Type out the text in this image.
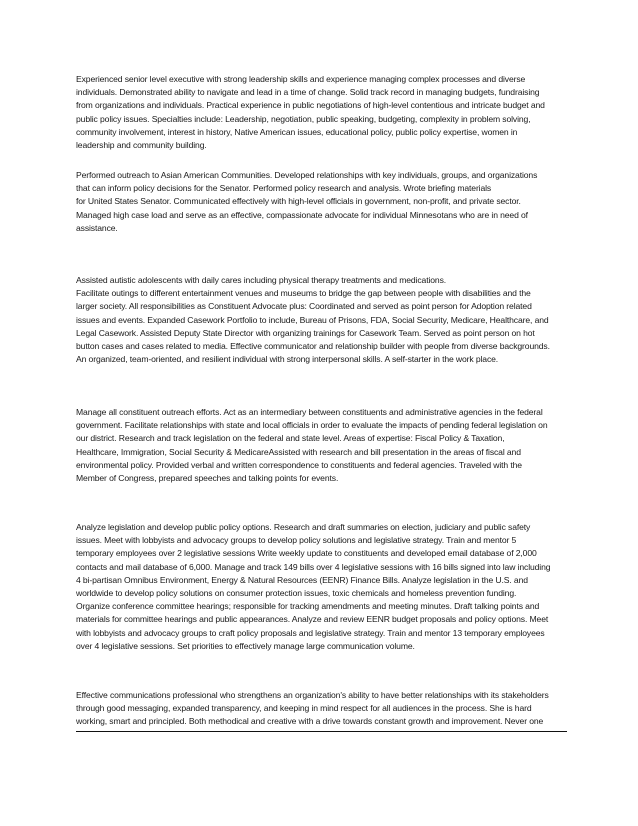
Experienced senior level executive with strong leadership skills and experience managing complex processes and diverse
individuals. Demonstrated ability to navigate and lead in a time of change. Solid track record in managing budgets, fundraising
from organizations and individuals. Practical experience in public negotiations of high-level contentious and intricate budget and
public policy issues. Specialties include: Leadership, negotiation, public speaking, budgeting, complexity in problem solving,
community involvement, interest in history, Native American issues, educational policy, public policy expertise, women in
leadership and community building.
Performed outreach to Asian American Communities. Developed relationships with key individuals, groups, and organizations
that can inform policy decisions for the Senator. Performed policy research and analysis. Wrote briefing materials
for United States Senator. Communicated effectively with high-level officials in government, non-profit, and private sector.
Managed high case load and serve as an effective, compassionate advocate for individual Minnesotans who are in need of
assistance.
Assisted autistic adolescents with daily cares including physical therapy treatments and medications.
Facilitate outings to different entertainment venues and museums to bridge the gap between people with disabilities and the
larger society. All responsibilities as Constituent Advocate plus: Coordinated and served as point person for Adoption related
issues and events. Expanded Casework Portfolio to include, Bureau of Prisons, FDA, Social Security, Medicare, Healthcare, and
Legal Casework. Assisted Deputy State Director with organizing trainings for Casework Team. Served as point person on hot
button cases and cases related to media. Effective communicator and relationship builder with people from diverse backgrounds.
An organized, team-oriented, and resilient individual with strong interpersonal skills. A self-starter in the work place.
Manage all constituent outreach efforts. Act as an intermediary between constituents and administrative agencies in the federal
government. Facilitate relationships with state and local officials in order to evaluate the impacts of pending federal legislation on
our district. Research and track legislation on the federal and state level. Areas of expertise: Fiscal Policy & Taxation,
Healthcare, Immigration, Social Security & MedicareAssisted with research and bill presentation in the areas of fiscal and
environmental policy. Provided verbal and written correspondence to constituents and federal agencies. Traveled with the
Member of Congress, prepared speeches and talking points for events.
Analyze legislation and develop public policy options. Research and draft summaries on election, judiciary and public safety
issues. Meet with lobbyists and advocacy groups to develop policy solutions and legislative strategy. Train and mentor 5
temporary employees over 2 legislative sessions Write weekly update to constituents and developed email database of 2,000
contacts and mail database of 6,000. Manage and track 149 bills over 4 legislative sessions with 16 bills signed into law including
4 bi-partisan Omnibus Environment, Energy & Natural Resources (EENR) Finance Bills. Analyze legislation in the U.S. and
worldwide to develop policy solutions on consumer protection issues, toxic chemicals and homeless prevention funding.
Organize conference committee hearings; responsible for tracking amendments and meeting minutes. Draft talking points and
materials for committee hearings and public appearances. Analyze and review EENR budget proposals and policy options. Meet
with lobbyists and advocacy groups to craft policy proposals and legislative strategy. Train and mentor 13 temporary employees
over 4 legislative sessions. Set priorities to effectively manage large communication volume.
Effective communications professional who strengthens an organization's ability to have better relationships with its stakeholders
through good messaging, expanded transparency, and keeping in mind respect for all audiences in the process. She is hard
working, smart and principled. Both methodical and creative with a drive towards constant growth and improvement. Never one
